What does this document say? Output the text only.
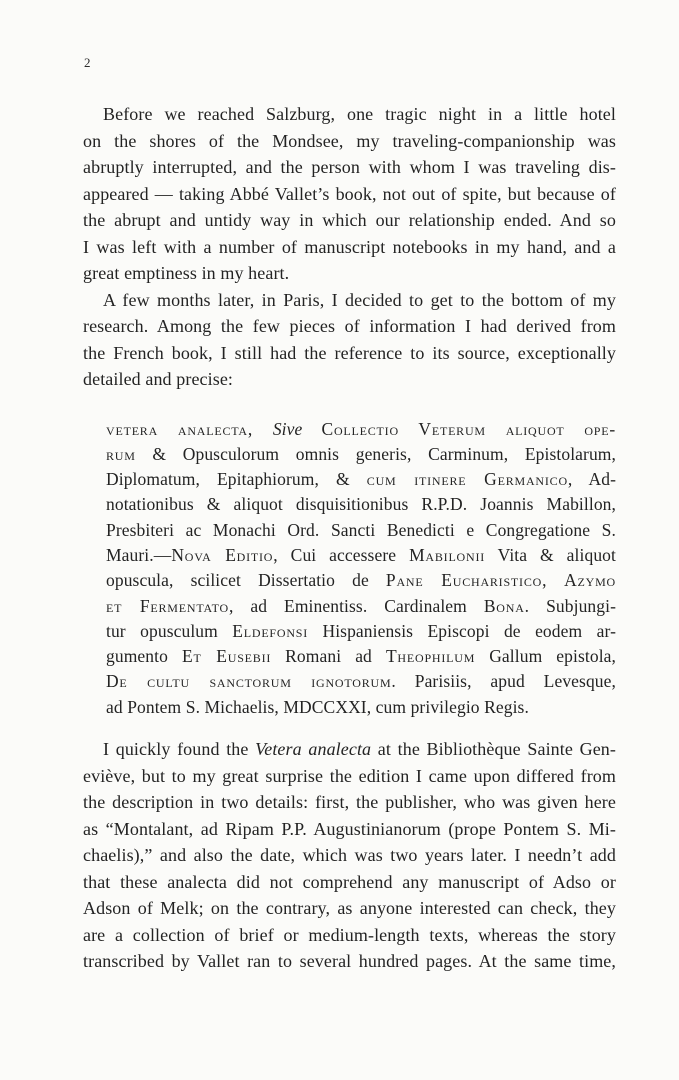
2
Before we reached Salzburg, one tragic night in a little hotel
on the shores of the Mondsee, my traveling-companionship was
abruptly interrupted, and the person with whom I was traveling dis-
appeared — taking Abbé Vallet’s book, not out of spite, but because of
the abrupt and untidy way in which our relationship ended. And so
I was left with a number of manuscript notebooks in my hand, and a
great emptiness in my heart.
A few months later, in Paris, I decided to get to the bottom of my
research. Among the few pieces of information I had derived from
the French book, I still had the reference to its source, exceptionally
detailed and precise:
vetera analecta, Sive Collectio Veterum aliquot ope-
rum & Opusculorum omnis generis, Carminum, Epistolarum,
Diplomatum, Epitaphiorum, & cum itinere Germanico, Ad-
notationibus & aliquot disquisitionibus R.P.D. Joannis Mabillon,
Presbiteri ac Monachi Ord. Sancti Benedicti e Congregatione S.
Mauri.—Nova Editio, Cui accessere Mabilonii Vita & aliquot
opuscula, scilicet Dissertatio de Pane Eucharistico, Azymo
et Fermentato, ad Eminentiss. Cardinalem Bona. Subjungi-
tur opusculum Eldefonsi Hispaniensis Episcopi de eodem ar-
gumento Et Eusebii Romani ad Theophilum Gallum epistola,
De cultu sanctorum ignotorum. Parisiis, apud Levesque,
ad Pontem S. Michaelis, MDCCXXI, cum privilegio Regis.
I quickly found the Vetera analecta at the Bibliothèque Sainte Gen-
eviève, but to my great surprise the edition I came upon differed from
the description in two details: first, the publisher, who was given here
as “Montalant, ad Ripam P.P. Augustinianorum (prope Pontem S. Mi-
chaelis),” and also the date, which was two years later. I needn’t add
that these analecta did not comprehend any manuscript of Adso or
Adson of Melk; on the contrary, as anyone interested can check, they
are a collection of brief or medium-length texts, whereas the story
transcribed by Vallet ran to several hundred pages. At the same time,
